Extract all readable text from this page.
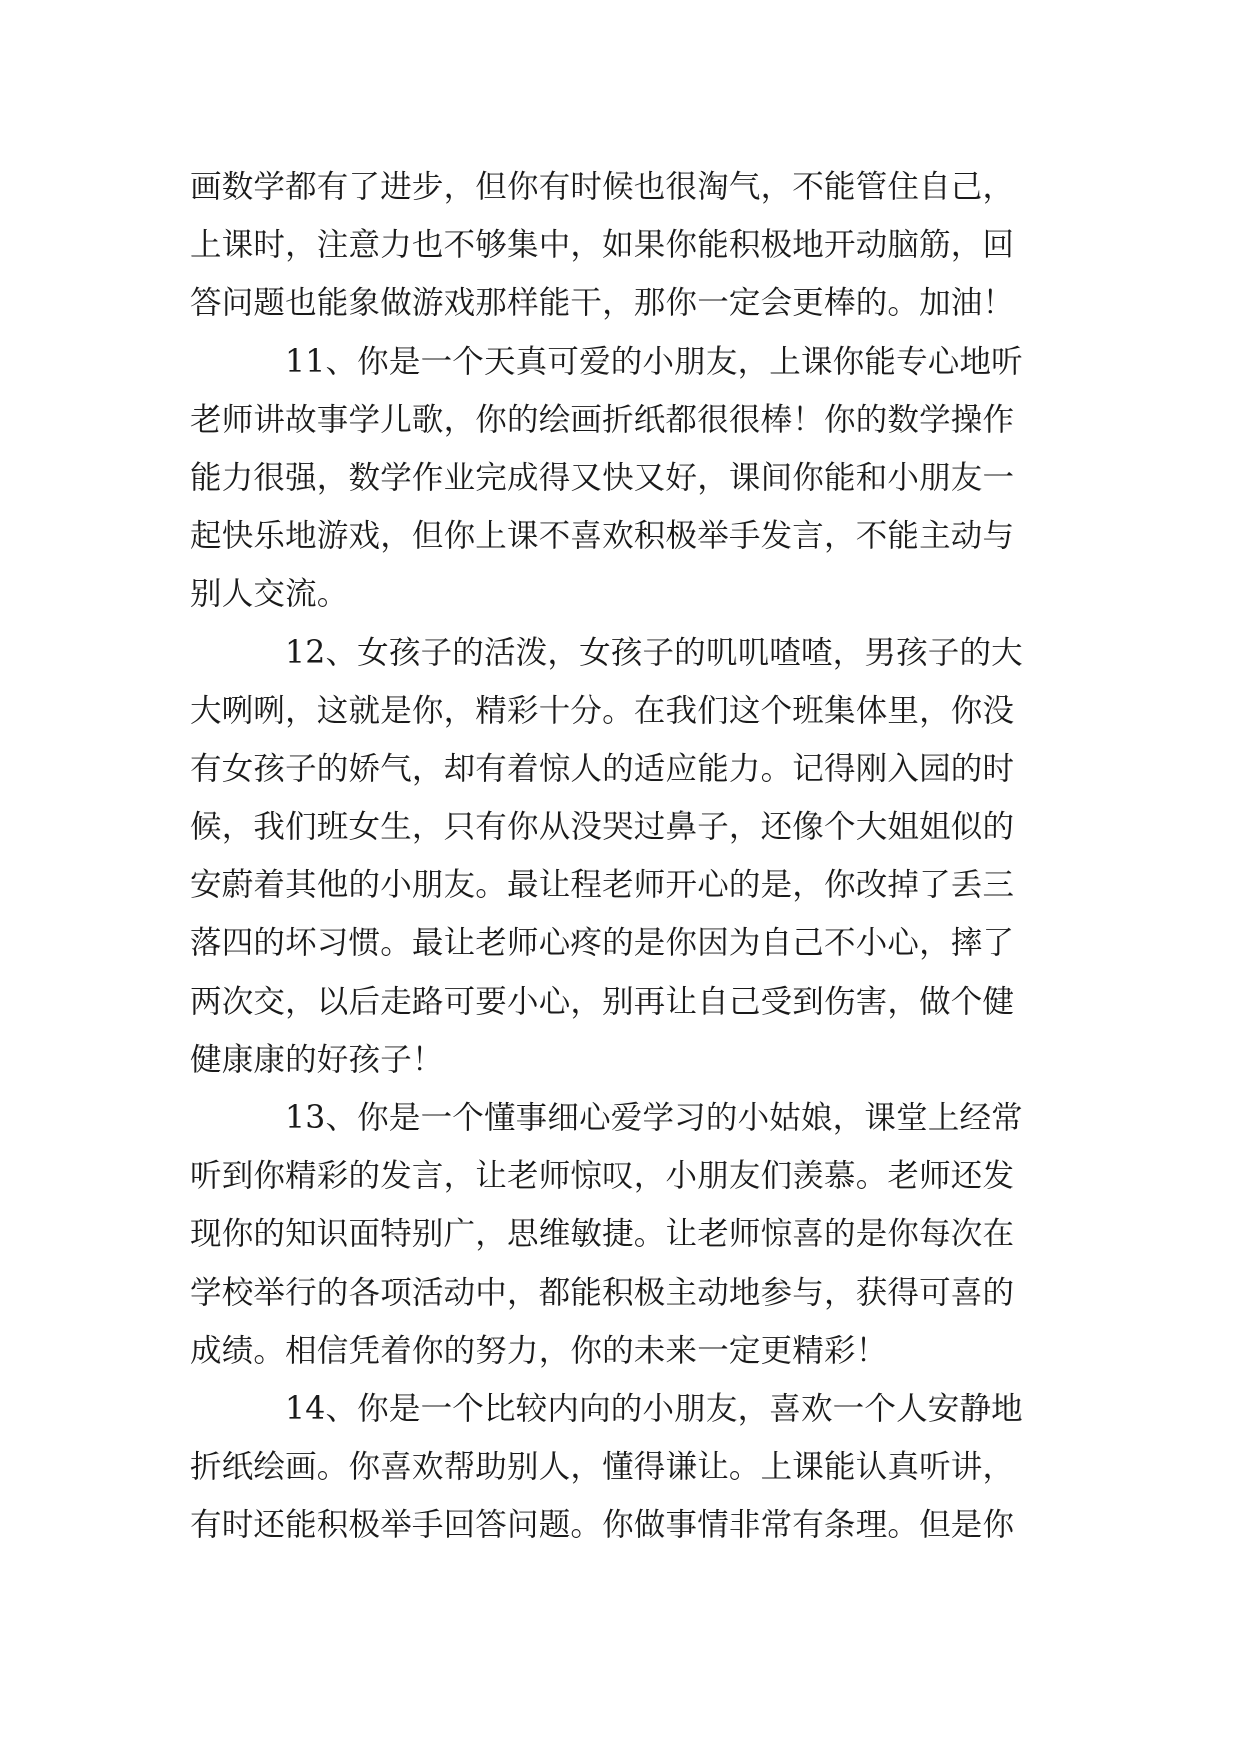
画数学都有了进步，但你有时候也很淘气，不能管住自己，
上课时，注意力也不够集中，如果你能积极地开动脑筋，回
答问题也能象做游戏那样能干，那你一定会更棒的。加油！
11、你是一个天真可爱的小朋友，上课你能专心地听
老师讲故事学儿歌，你的绘画折纸都很很棒！你的数学操作
能力很强，数学作业完成得又快又好，课间你能和小朋友一
起快乐地游戏，但你上课不喜欢积极举手发言，不能主动与
别人交流。
12、女孩子的活泼，女孩子的叽叽喳喳，男孩子的大
大咧咧，这就是你，精彩十分。在我们这个班集体里，你没
有女孩子的娇气，却有着惊人的适应能力。记得刚入园的时
候，我们班女生，只有你从没哭过鼻子，还像个大姐姐似的
安蔚着其他的小朋友。最让程老师开心的是，你改掉了丢三
落四的坏习惯。最让老师心疼的是你因为自己不小心，摔了
两次交，以后走路可要小心，别再让自己受到伤害，做个健
健康康的好孩子！
13、你是一个懂事细心爱学习的小姑娘，课堂上经常
听到你精彩的发言，让老师惊叹，小朋友们羡慕。老师还发
现你的知识面特别广，思维敏捷。让老师惊喜的是你每次在
学校举行的各项活动中，都能积极主动地参与，获得可喜的
成绩。相信凭着你的努力，你的未来一定更精彩！
14、你是一个比较内向的小朋友，喜欢一个人安静地
折纸绘画。你喜欢帮助别人，懂得谦让。上课能认真听讲，
有时还能积极举手回答问题。你做事情非常有条理。但是你
